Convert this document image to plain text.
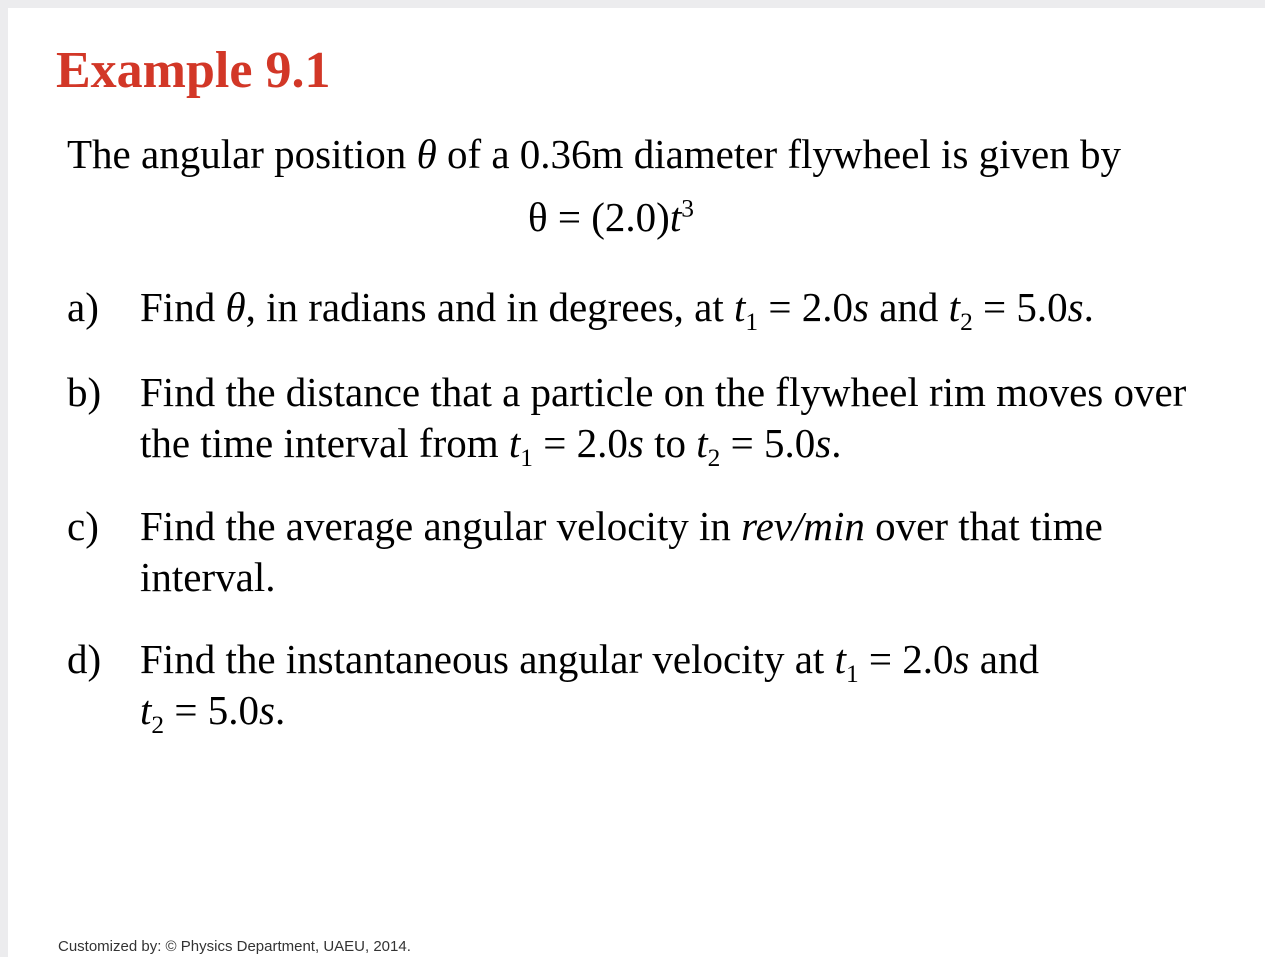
Example 9.1
The angular position θ of a 0.36m diameter flywheel is given by
$\theta = (2.0)t^3$
a) Find θ, in radians and in degrees, at $t_1 = 2.0s$ and $t_2 = 5.0s$.
b) Find the distance that a particle on the flywheel rim moves over
the time interval from $t_1 = 2.0s$ to $t_2 = 5.0s$.
c) Find the average angular velocity in rev/min over that time
interval.
d) Find the instantaneous angular velocity at $t_1 = 2.0s$ and
$t_2 = 5.0s$.
Customized by: © Physics Department, UAEU, 2014.
